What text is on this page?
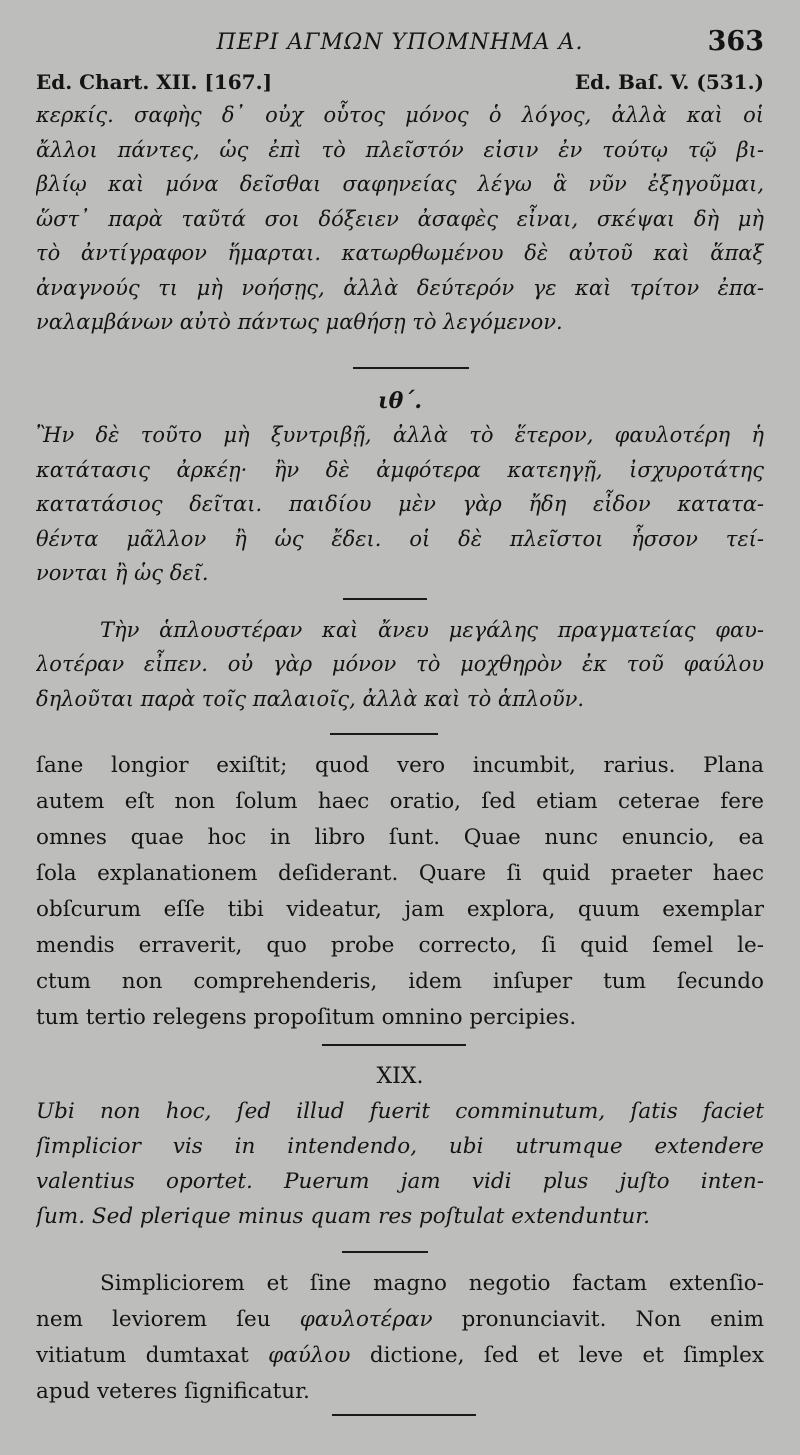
ΠΕΡΙ ΑΓΜΩΝ ΥΠΟΜΝΗΜΑ Α.	363
Ed. Chart. XII. [167.]	Ed. Baſ. V. (531.)
κερκίς. σαφὴς δ᾽ οὐχ οὗτος μόνος ὁ λόγος, ἀλλὰ καὶ οἱ
ἄλλοι πάντες, ὡς ἐπὶ τὸ πλεῖστόν εἰσιν ἐν τούτῳ τῷ βι-
βλίῳ καὶ μόνα δεῖσθαι σαφηνείας λέγω ἃ νῦν ἐξηγοῦμαι,
ὥστ᾽ παρὰ ταῦτά σοι δόξειεν ἀσαφὲς εἶναι, σκέψαι δὴ μὴ
τὸ ἀντίγραφον ἥμαρται. κατωρθωμένου δὲ αὐτοῦ καὶ ἅπαξ
ἀναγνούς τι μὴ νοήσῃς, ἀλλὰ δεύτερόν γε καὶ τρίτον ἐπα-
ναλαμβάνων αὐτὸ πάντως μαθήσῃ τὸ λεγόμενον.
ιθ΄.
Ἢν δὲ τοῦτο μὴ ξυντριβῇ, ἀλλὰ τὸ ἕτερον, φαυλοτέρη ἡ
κατάτασις ἀρκέῃ· ἢν δὲ ἀμφότερα κατεηγῇ, ἰσχυροτάτης
κατατάσιος δεῖται. παιδίου μὲν γὰρ ἤδη εἶδον κατατα-
θέντα μᾶλλον ἢ ὡς ἔδει. οἱ δὲ πλεῖστοι ἧσσον τεί-
νονται ἢ ὡς δεῖ.
Τὴν ἁπλουστέραν καὶ ἄνευ μεγάλης πραγματείας φαυ-
λοτέραν εἶπεν. οὐ γὰρ μόνον τὸ μοχθηρὸν ἐκ τοῦ φαύλου
δηλοῦται παρὰ τοῖς παλαιοῖς, ἀλλὰ καὶ τὸ ἁπλοῦν.
ſane longior exiſtit; quod vero incumbit, rarius. Plana
autem eſt non ſolum haec oratio, ſed etiam ceterae fere
omnes quae hoc in libro ſunt. Quae nunc enuncio, ea
ſola explanationem deſiderant. Quare ſi quid praeter haec
obſcurum eſſe tibi videatur, jam explora, quum exemplar
mendis erraverit, quo probe correcto, ſi quid ſemel le-
ctum non comprehenderis, idem inſuper tum ſecundo
tum tertio relegens propoſitum omnino percipies.
XIX.
Ubi non hoc, ſed illud fuerit comminutum, ſatis faciet
ſimplicior vis in intendendo, ubi utrumque extendere
valentius oportet. Puerum jam vidi plus juſto inten-
ſum. Sed plerique minus quam res poſtulat extenduntur.
Simpliciorem et ſine magno negotio factam extenſio-
nem leviorem ſeu φαυλοτέραν pronunciavit. Non enim
vitiatum dumtaxat φαύλου dictione, ſed et leve et ſimplex
apud veteres ſignificatur.
